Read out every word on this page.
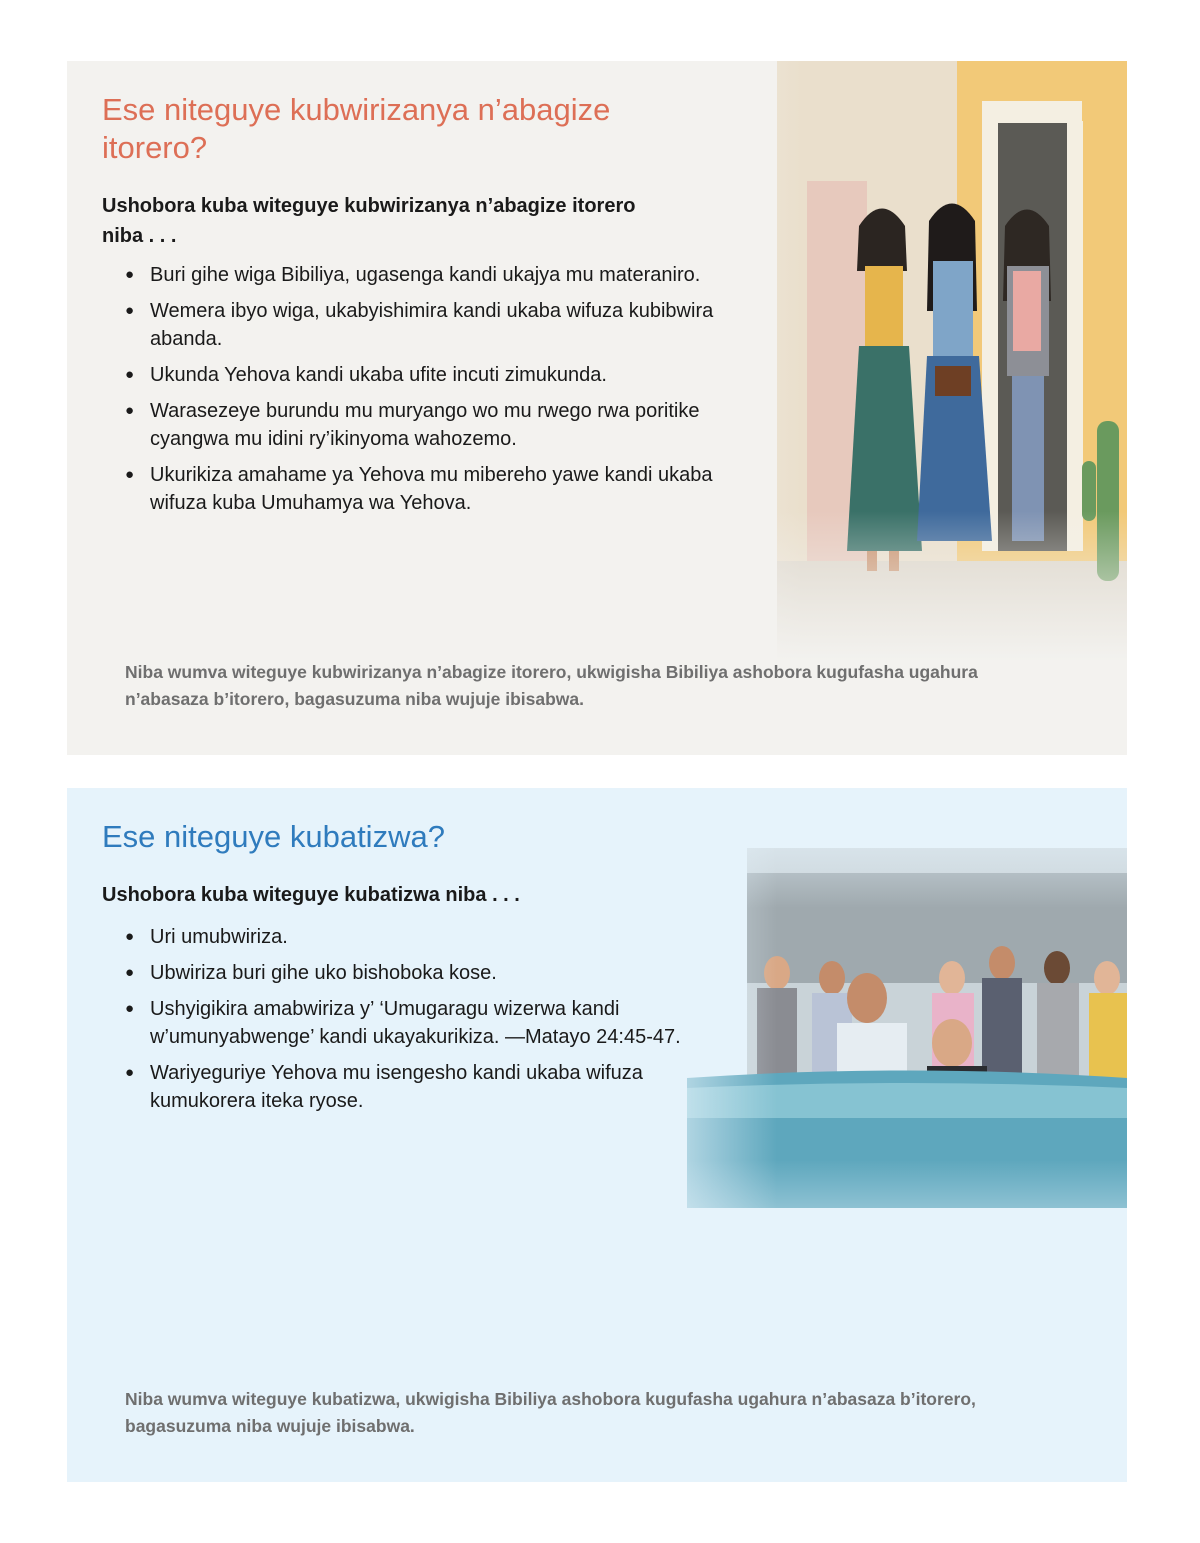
Ese niteguye kubwirizanya n’abagize itorero?

Ushobora kuba witeguye kubwirizanya n’abagize itorero niba . . .

● Buri gihe wiga Bibiliya, ugasenga kandi ukajya mu materaniro.
● Wemera ibyo wiga, ukabyishimira kandi ukaba wifuza kubibwira abanda.
● Ukunda Yehova kandi ukaba ufite incuti zimukunda.
● Warasezeye burundu mu muryango wo mu rwego rwa poritike cyangwa mu idini ry’ikinyoma wahozemo.
● Ukurikiza amahame ya Yehova mu mibereho yawe kandi ukaba wifuza kuba Umuhamya wa Yehova.

Niba wumva witeguye kubwirizanya n’abagize itorero, ukwigisha Bibiliya ashobora kugufasha ugahura n’abasaza b’itorero, bagasuzuma niba wujuje ibisabwa.

Ese niteguye kubatizwa?

Ushobora kuba witeguye kubatizwa niba . . .

● Uri umubwiriza.
● Ubwiriza buri gihe uko bishoboka kose.
● Ushyigikira amabwiriza y’ ‘Umugaragu wizerwa kandi w’umunyabwenge’ kandi ukayakurikiza. —Matayo 24:45-47.
● Wariyeguriye Yehova mu isengesho kandi ukaba wifuza kumukorera iteka ryose.

Niba wumva witeguye kubatizwa, ukwigisha Bibiliya ashobora kugufasha ugahura n’abasaza b’itorero, bagasuzuma niba wujuje ibisabwa.
